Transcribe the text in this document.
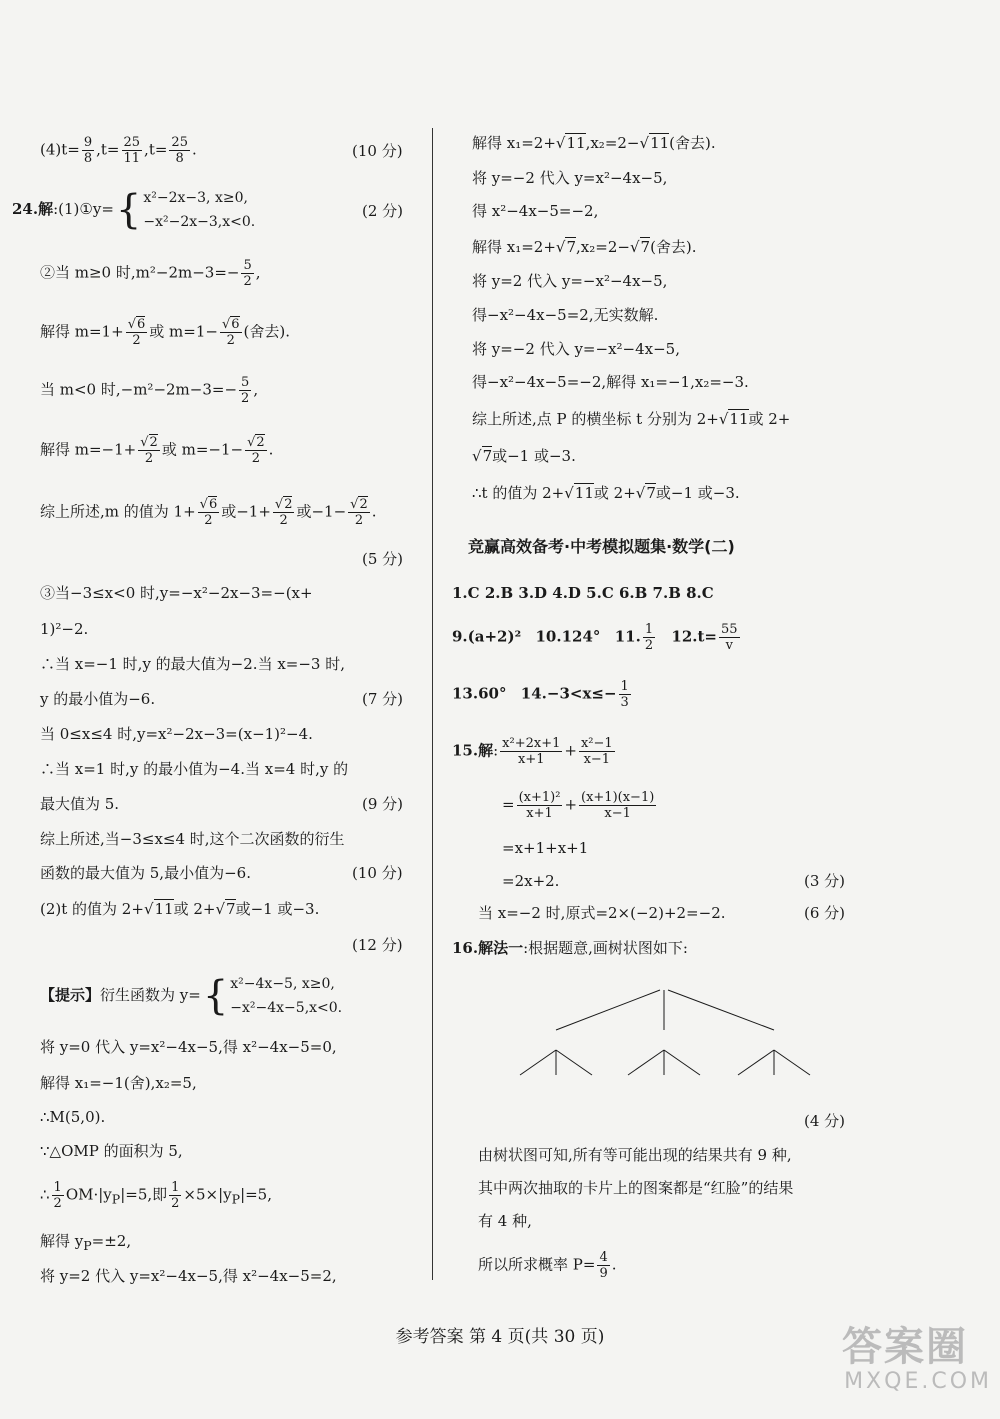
$(4)t= \frac{9}{8} ,t= \frac{25}{11} ,t= \frac{25}{8}$ .	(10 分)
24.解:(1)①y={ x²−2x−3, x≥0,
−x²−2x−3,x<0.
(2 分)
②当 m≥0 时$,m^2-2m-3=- \frac{5}{2}$ ,
解得 $m=1+ \frac{√6}{2}$ 或 $m=1- \frac{√6}{2}$ (舍去).
当 m<0 时$,-m^2-2m-3=- \frac{5}{2}$ ,
解得 $m=-1+ \frac{√2}{2}$ 或 $m=-1- \frac{√2}{2}$ .
综上所述,m 的值为 $1+ \frac{√6}{2}$ 或$-1+ \frac{√2}{2}$ 或$-1- \frac{√2}{2}$ .
(5 分)
③当−3≤x<0 时,y=−x²−2x−3=−(x+
1)²−2.
∴当 x=−1 时,y 的最大值为−2.当 x=−3 时,
y 的最小值为−6.	(7 分)
当 0≤x≤4 时,y=x²−2x−3=(x−1)²−4.
∴当 x=1 时,y 的最小值为−4.当 x=4 时,y 的
最大值为 5.	(9 分)
综上所述,当−3≤x≤4 时,这个二次函数的衍生
函数的最大值为 5,最小值为−6.	(10 分)
(2)t 的值为 2+√11或 2+√7或−1 或−3.
(12 分)
【提示】衍生函数为 y={ x²−4x−5, x≥0,
−x²−4x−5,x<0.
将 y=0 代入 y=x²−4x−5,得 x²−4x−5=0,
解得 x₁=−1(舍),x₂=5,
∴M(5,0).
∵△OMP 的面积为 5,
∴ $\frac{1}{2} OM\cdot|y_P|=5$,即 $\frac{1}{2} \times 5\times|y_P|=5$,
解得 $y_P=\pm 2$,
将 y=2 代入 y=x²−4x−5,得 x²−4x−5=2,
解得 x₁=2+√11,x₂=2−√11(舍去).
将 y=−2 代入 y=x²−4x−5,
得 x²−4x−5=−2,
解得 x₁=2+√7,x₂=2−√7(舍去).
将 y=2 代入 y=−x²−4x−5,
得−x²−4x−5=2,无实数解.
将 y=−2 代入 y=−x²−4x−5,
得−x²−4x−5=−2,解得 x₁=−1,x₂=−3.
综上所述,点 P 的横坐标 t 分别为 2+√11或 2+
√7或−1 或−3.
∴t 的值为 2+√11或 2+√7或−1 或−3.
竞赢高效备考·中考模拟题集·数学(二)
1.C 2.B 3.D 4.D 5.C 6.B 7.B 8.C
9.(a+2)² 10.124° 11. $\frac{1}{2} 12.t= \frac{55}{v}$
13.60° $14.-3<x\le- \frac{1}{3}$
15.解: $\frac{\text{x²+2x+1}}{x+1} + \frac{\text{x²−1}}{x-1}$
= $\frac{\text{(x+1)²}}{x+1} + \frac{(x+1)(x-1)}{x-1}$
=x+1+x+1
=2x+2.	(3 分)
当 x=−2 时,原式=2×(−2)+2=−2.	(6 分)
16.解法一:根据题意,画树状图如下:
(4 分)
由树状图可知,所有等可能出现的结果共有 9 种,
其中两次抽取的卡片上的图案都是“红脸”的结果
有 4 种,
所以所求概率 $P= \frac{4}{9}$ .
参考答案 第 4 页(共 30 页)	答案圈
MXQE.COM
